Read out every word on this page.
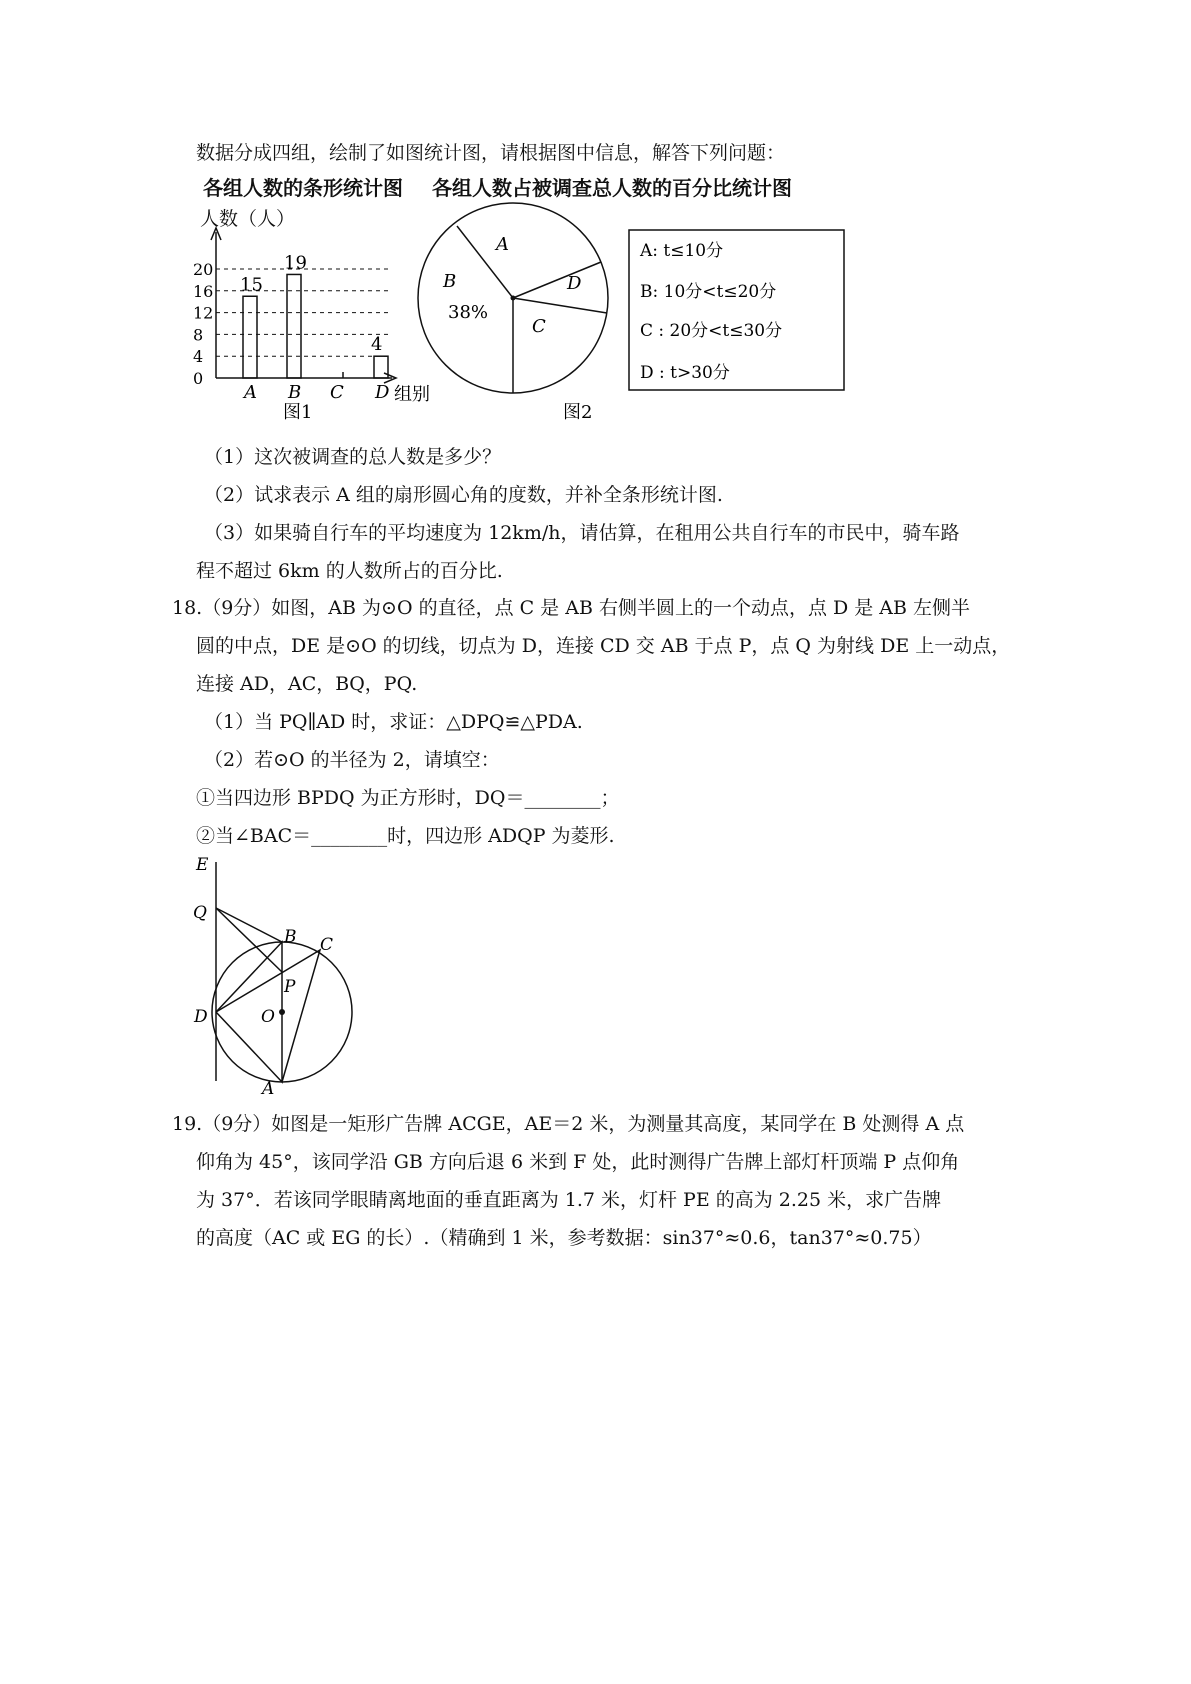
数据分成四组，绘制了如图统计图，请根据图中信息，解答下列问题：
各组人数的条形统计图 各组人数占被调查总人数的百分比统计图
人数（人）
0
4
8
12
16
20
A B C D
15
19
4
组别
图1	图2
A
B
C
D
38%
A: t≤10分
B: 10分<t≤20分
C : 20分<t≤30分
D : t>30分
E
Q
B C
P
D	O
A
（1）这次被调查的总人数是多少？
（2）试求表示 A 组的扇形圆心角的度数，并补全条形统计图.
（3）如果骑自行车的平均速度为 12km/h，请估算，在租用公共自行车的市民中，骑车路
程不超过 6km 的人数所占的百分比.
18.（9分）如图，AB 为⊙O 的直径，点 C 是 AB 右侧半圆上的一个动点，点 D 是 AB 左侧半
圆的中点，DE 是⊙O 的切线，切点为 D，连接 CD 交 AB 于点 P，点 Q 为射线 DE 上一动点，
连接 AD，AC，BQ，PQ.
（1）当 PQ∥AD 时，求证：△DPQ≌△PDA.
（2）若⊙O 的半径为 2，请填空：
①当四边形 BPDQ 为正方形时，DQ＝________；
②当∠BAC＝________时，四边形 ADQP 为菱形.
19.（9分）如图是一矩形广告牌 ACGE，AE＝2 米，为测量其高度，某同学在 B 处测得 A 点
仰角为 45°，该同学沿 GB 方向后退 6 米到 F 处，此时测得广告牌上部灯杆顶端 P 点仰角
为 37°．若该同学眼睛离地面的垂直距离为 1.7 米，灯杆 PE 的高为 2.25 米，求广告牌
的高度（AC 或 EG 的长）.（精确到 1 米，参考数据：sin37°≈0.6，tan37°≈0.75）
